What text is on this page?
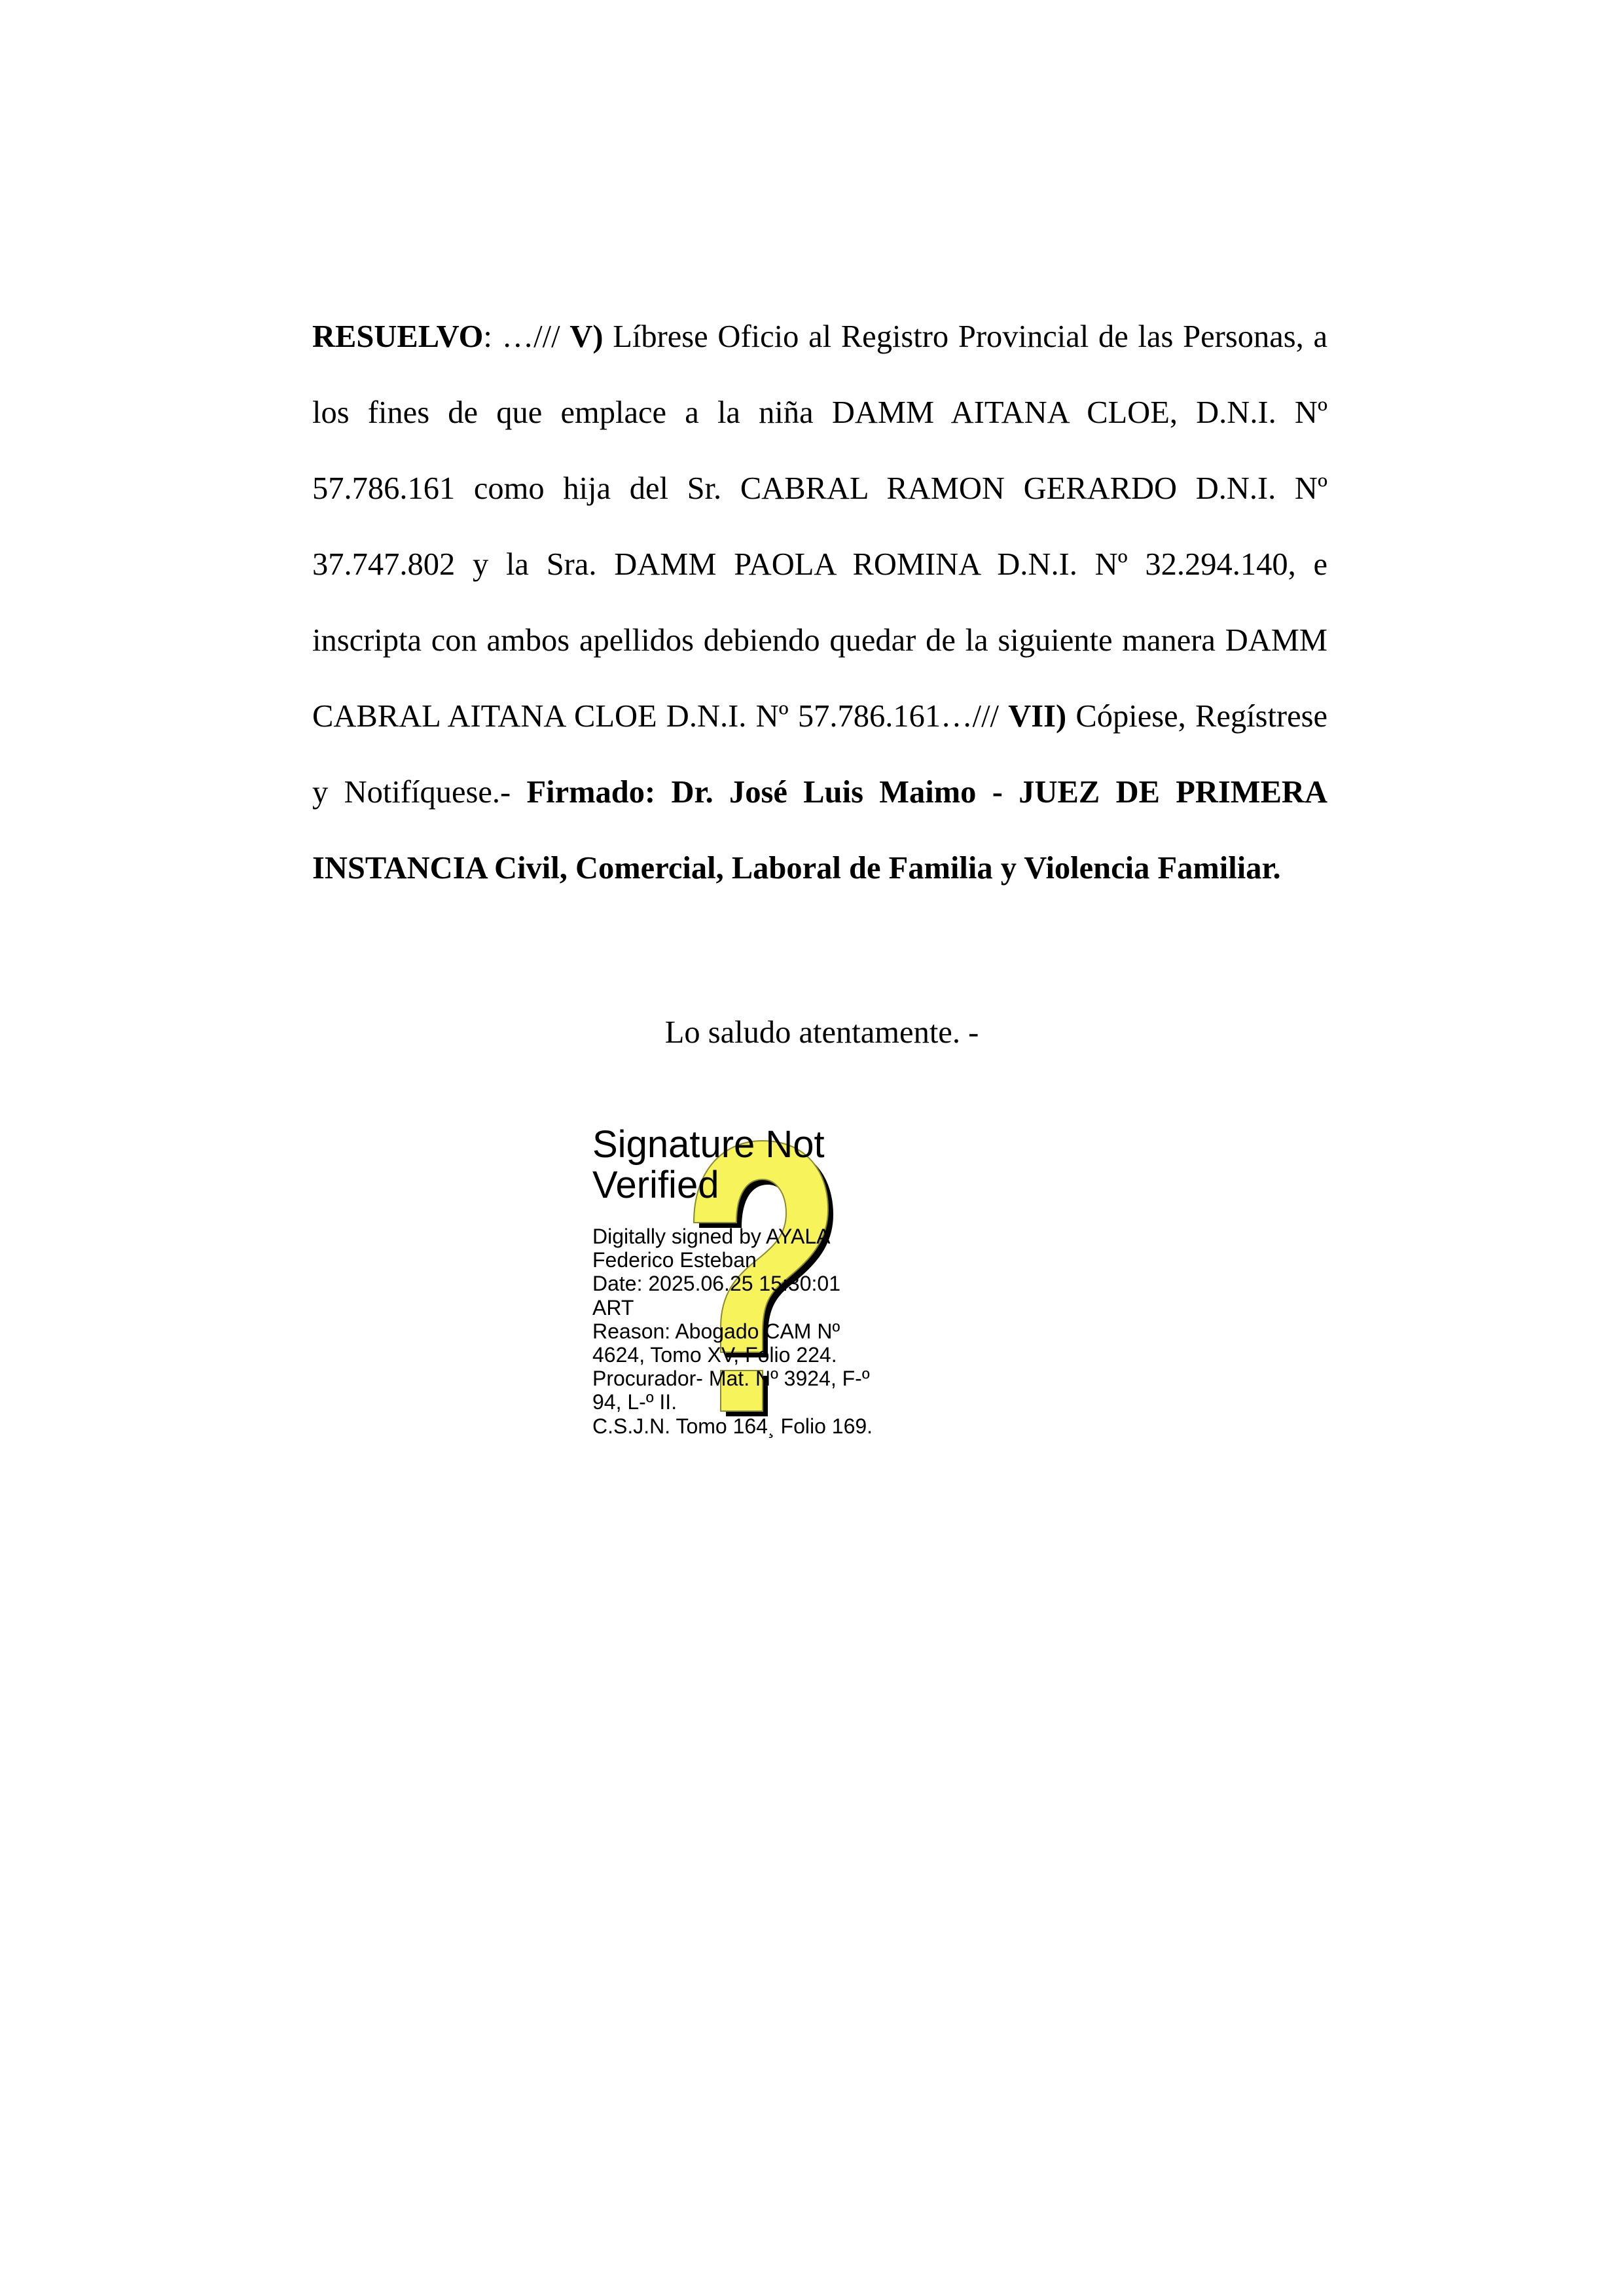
RESUELVO: …/// V) Líbrese Oficio al Registro Provincial de las Personas, a los fines de que emplace a la niña DAMM AITANA CLOE, D.N.I. Nº 57.786.161 como hija del Sr. CABRAL RAMON GERARDO D.N.I. Nº 37.747.802 y la Sra. DAMM PAOLA ROMINA D.N.I. Nº 32.294.140, e inscripta con ambos apellidos debiendo quedar de la siguiente manera DAMM CABRAL AITANA CLOE D.N.I. Nº 57.786.161…/// VII) Cópiese, Regístrese y Notifíquese.- Firmado: Dr. José Luis Maimo - JUEZ DE PRIMERA INSTANCIA Civil, Comercial, Laboral de Familia y Violencia Familiar.

Lo saludo atentamente. -

Signature Not
Verified
Digitally signed by AYALA
Federico Esteban
Date: 2025.06.25 15:30:01
ART
Reason: Abogado CAM Nº
4624, Tomo XV, Folio 224.
Procurador- Mat. Nº 3924, F-º
94, L-º II.
C.S.J.N. Tomo 164¸ Folio 169.
